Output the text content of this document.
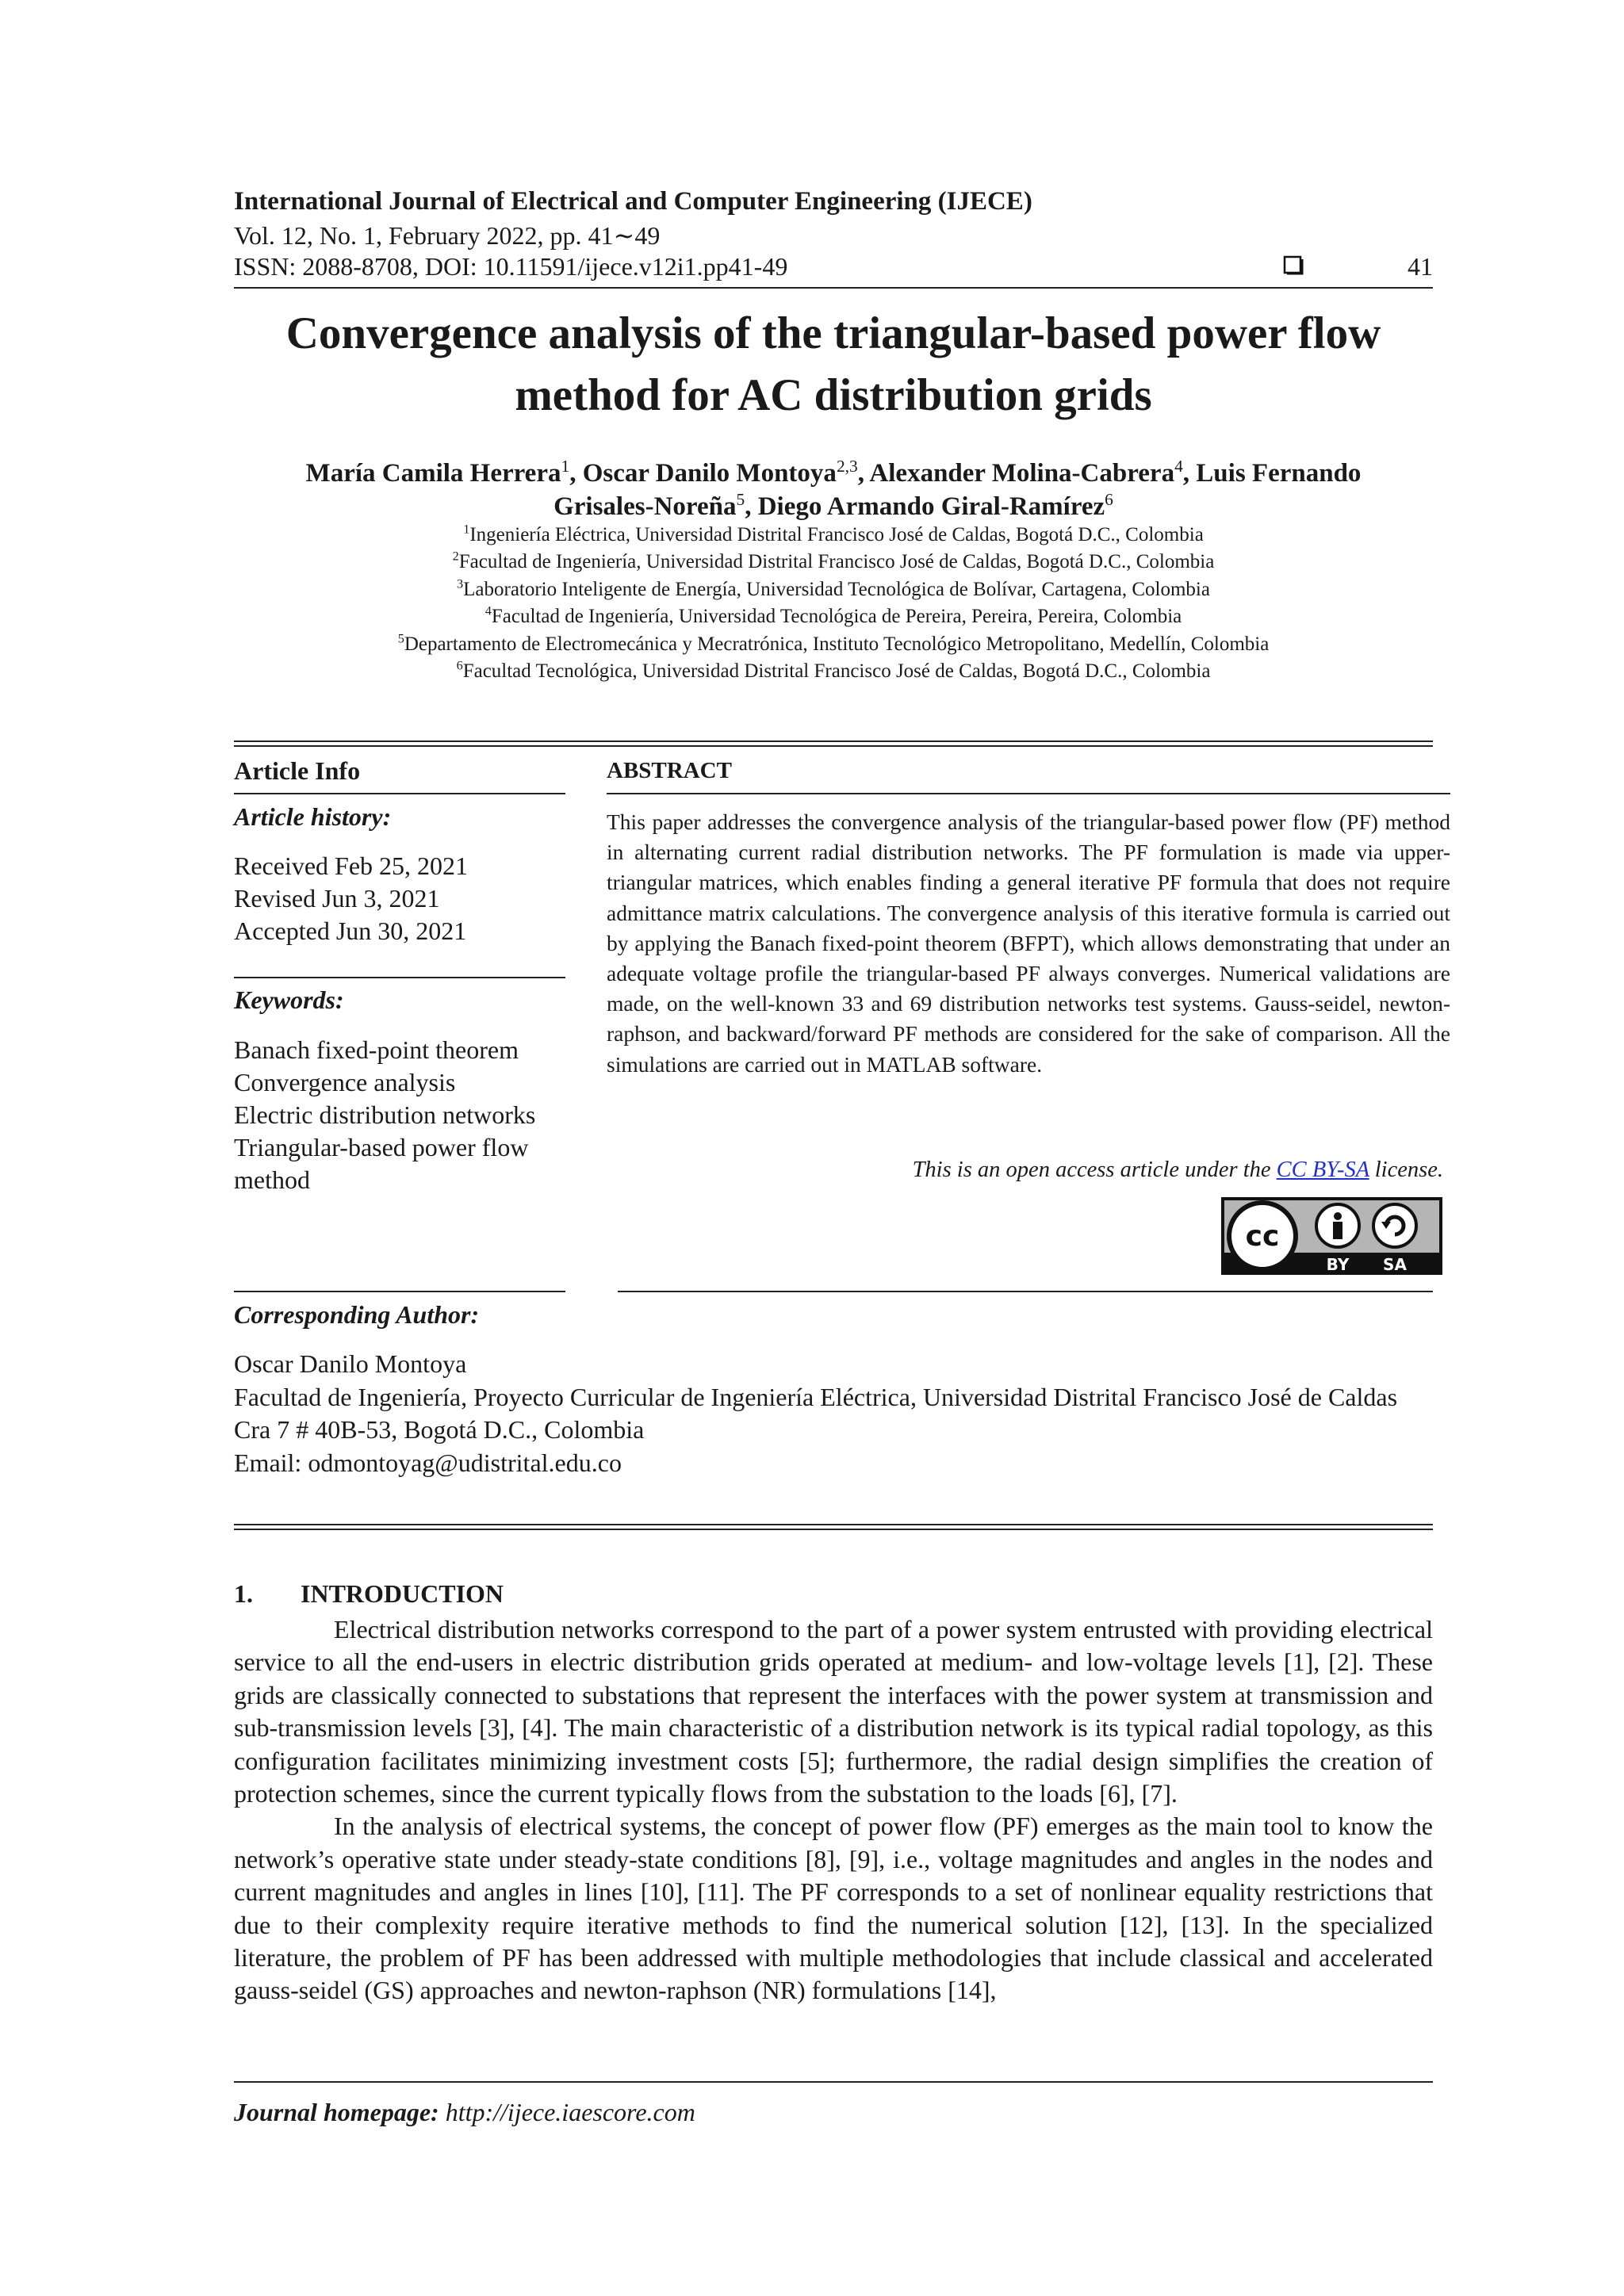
International Journal of Electrical and Computer Engineering (IJECE)
Vol. 12, No. 1, February 2022, pp. 41∼49
ISSN: 2088-8708, DOI: 10.11591/ijece.v12i1.pp41-49	41
Convergence analysis of the triangular-based power flow
method for AC distribution grids
María Camila Herrera$^1$, Oscar Danilo Montoya$^{2,3}$, Alexander Molina-Cabrera$^4$, Luis Fernando
Grisales-Noreña$^5$, Diego Armando Giral-Ramírez$^6$
$^1$Ingeniería Eléctrica, Universidad Distrital Francisco José de Caldas, Bogotá D.C., Colombia
$^2$Facultad de Ingeniería, Universidad Distrital Francisco José de Caldas, Bogotá D.C., Colombia
$^3$Laboratorio Inteligente de Energía, Universidad Tecnológica de Bolívar, Cartagena, Colombia
$^4$Facultad de Ingeniería, Universidad Tecnológica de Pereira, Pereira, Pereira, Colombia
$^5$Departamento de Electromecánica y Mecratrónica, Instituto Tecnológico Metropolitano, Medellín, Colombia
$^6$Facultad Tecnológica, Universidad Distrital Francisco José de Caldas, Bogotá D.C., Colombia
Article Info
Article history:
Received Feb 25, 2021
Revised Jun 3, 2021
Accepted Jun 30, 2021
Keywords:
Banach fixed-point theorem
Convergence analysis
Electric distribution networks
Triangular-based power flow method
ABSTRACT
This paper addresses the convergence analysis of the triangular-based power flow (PF) method in alternating current radial distribution networks. The PF formulation is made via upper-triangular matrices, which enables finding a general iterative PF formula that does not require admittance matrix calculations. The convergence analysis of this iterative formula is carried out by applying the Banach fixed-point theorem (BFPT), which allows demonstrating that under an adequate voltage profile the triangular-based PF always converges. Numerical validations are made, on the well-known 33 and 69 distribution networks test systems. Gauss-seidel, newton-raphson, and backward/forward PF methods are considered for the sake of comparison. All the simulations are carried out in MATLAB software.
This is an open access article under the CC BY-SA license.
cc
BY SA
Corresponding Author:
Oscar Danilo Montoya
Facultad de Ingeniería, Proyecto Curricular de Ingeniería Eléctrica, Universidad Distrital Francisco José de Caldas
Cra 7 # 40B-53, Bogotá D.C., Colombia
Email: odmontoyag@udistrital.edu.co
1. INTRODUCTION

Electrical distribution networks correspond to the part of a power system entrusted with providing electrical service to all the end-users in electric distribution grids operated at medium- and low-voltage levels [1], [2]. These grids are classically connected to substations that represent the interfaces with the power system at transmission and sub-transmission levels [3], [4]. The main characteristic of a distribution network is its typical radial topology, as this configuration facilitates minimizing investment costs [5]; furthermore, the radial design simplifies the creation of protection schemes, since the current typically flows from the substation to the loads [6], [7].

In the analysis of electrical systems, the concept of power flow (PF) emerges as the main tool to know the network’s operative state under steady-state conditions [8], [9], i.e., voltage magnitudes and angles in the nodes and current magnitudes and angles in lines [10], [11]. The PF corresponds to a set of nonlinear equality restrictions that due to their complexity require iterative methods to find the numerical solution [12], [13]. In the specialized literature, the problem of PF has been addressed with multiple methodologies that include classical and accelerated gauss-seidel (GS) approaches and newton-raphson (NR) formulations [14],

Journal homepage: http://ijece.iaescore.com
